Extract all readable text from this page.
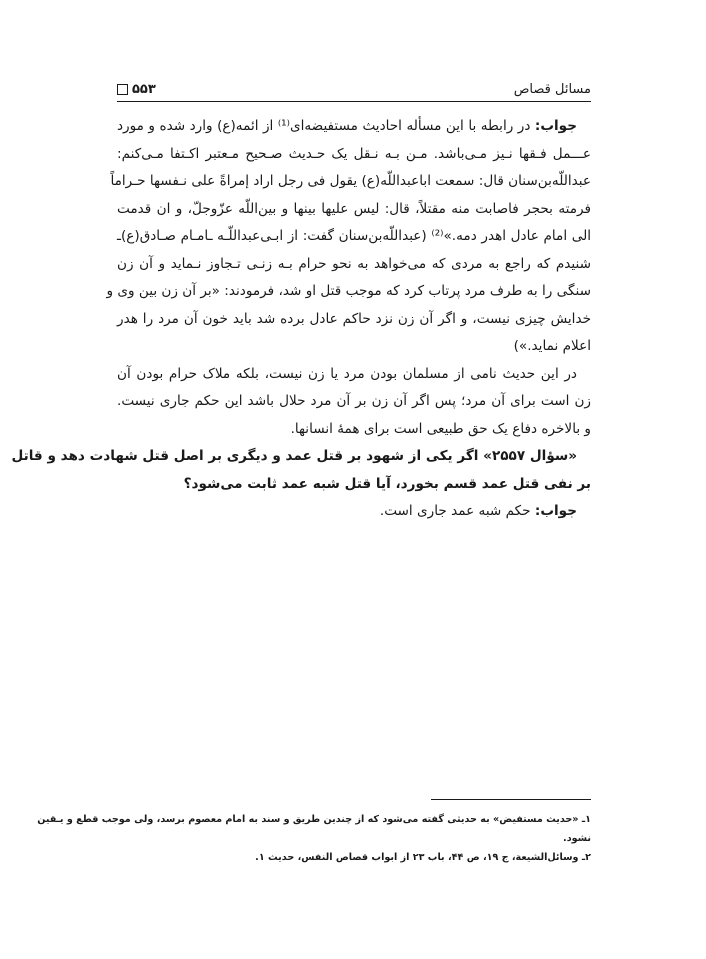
مسائل قصاص
۵۵۳
جواب: در رابطه با این مسأله احادیث مستفیضه‌ای⁽¹⁾ از ائمه(ع) وارد شده و مورد
عـــمل فـقها نـیز مـی‌باشد. مـن بـه نـقل یک حـدیث صـحیح مـعتبر اکـتفا مـی‌کنم:
عبداللّه‌بن‌سنان قال: سمعت اباعبداللّه(ع) یقول فی رجل اراد إمراةً علی نـفسها حـراماً
فرمته بحجر فاصابت منه مقتلاً، قال: لیس علیها بینها و بین‌اللّه عزّوجلّ، و ان قدمت
الی امام عادل اهدر دمه.»⁽²⁾ (عبداللّه‌بن‌سنان گفت: از ابـی‌عبداللّـه ـامـام صـادق(ع)ـ
شنیدم که راجع به مردی که می‌خواهد به نحو حرام بـه زنـی تـجاوز نـماید و آن زن
سنگی را به طرف مرد پرتاب کرد که موجب قتل او شد، فرمودند: «بر آن زن بین وی و
خدایش چیزی نیست، و اگر آن زن نزد حاکم عادل برده شد باید خون آن مرد را هدر
اعلام نماید.»)
در این حدیث نامی از مسلمان بودن مرد یا زن نیست، بلکه ملاک حرام بودن آن
زن است برای آن مرد؛ پس اگر آن زن بر آن مرد حلال باشد این حکم جاری نیست.
و بالاخره دفاع یک حق طبیعی است برای همهٔ انسانها.
«سؤال ۲۵۵۷» اگر یکی از شهود بر قتل عمد و دیگری بر اصل قتل شهادت دهد و قاتل
بر نفی قتل عمد قسم بخورد، آیا قتل شبه عمد ثابت می‌شود؟
جواب: حکم شبه عمد جاری است.
۱ـ «حدیث مستفیض» به حدیثی گفته می‌شود که از چندین طریق و سند به امام معصوم برسد، ولی موجب قطع و یـقین
نشود.
۲ـ وسائل‌الشیعة، ج ۱۹، ص ۴۴، باب ۲۳ از ابواب قصاص النفس، حدیث ۱.
